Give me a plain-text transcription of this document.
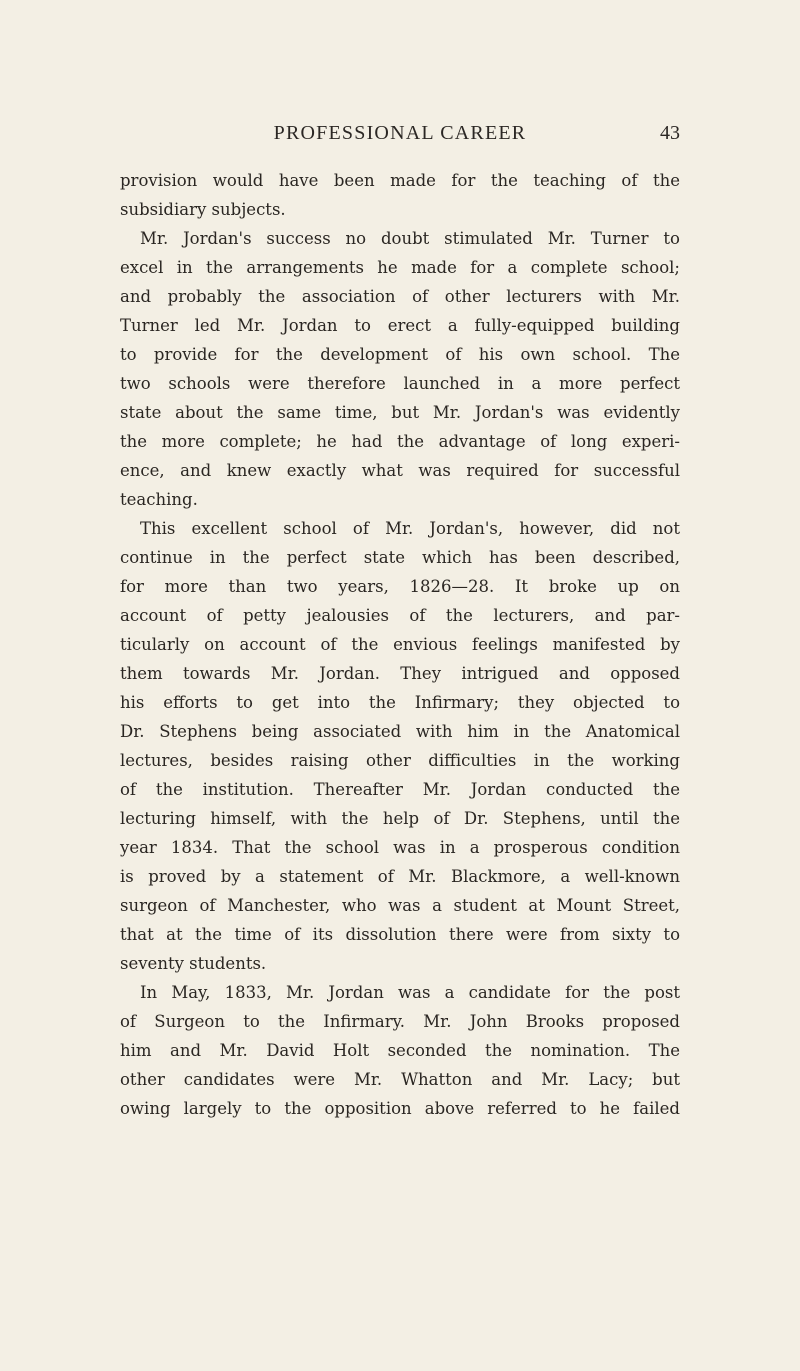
PROFESSIONAL CAREER	43
provision would have been made for the teaching of the
subsidiary subjects.
Mr. Jordan's success no doubt stimulated Mr. Turner to
excel in the arrangements he made for a complete school;
and probably the association of other lecturers with Mr.
Turner led Mr. Jordan to erect a fully-equipped building
to provide for the development of his own school. The
two schools were therefore launched in a more perfect
state about the same time, but Mr. Jordan's was evidently
the more complete; he had the advantage of long experi-
ence, and knew exactly what was required for successful
teaching.
This excellent school of Mr. Jordan's, however, did not
continue in the perfect state which has been described,
for more than two years, 1826—28. It broke up on
account of petty jealousies of the lecturers, and par-
ticularly on account of the envious feelings manifested by
them towards Mr. Jordan. They intrigued and opposed
his efforts to get into the Infirmary; they objected to
Dr. Stephens being associated with him in the Anatomical
lectures, besides raising other difficulties in the working
of the institution. Thereafter Mr. Jordan conducted the
lecturing himself, with the help of Dr. Stephens, until the
year 1834. That the school was in a prosperous condition
is proved by a statement of Mr. Blackmore, a well-known
surgeon of Manchester, who was a student at Mount Street,
that at the time of its dissolution there were from sixty to
seventy students.
In May, 1833, Mr. Jordan was a candidate for the post
of Surgeon to the Infirmary. Mr. John Brooks proposed
him and Mr. David Holt seconded the nomination. The
other candidates were Mr. Whatton and Mr. Lacy; but
owing largely to the opposition above referred to he failed
